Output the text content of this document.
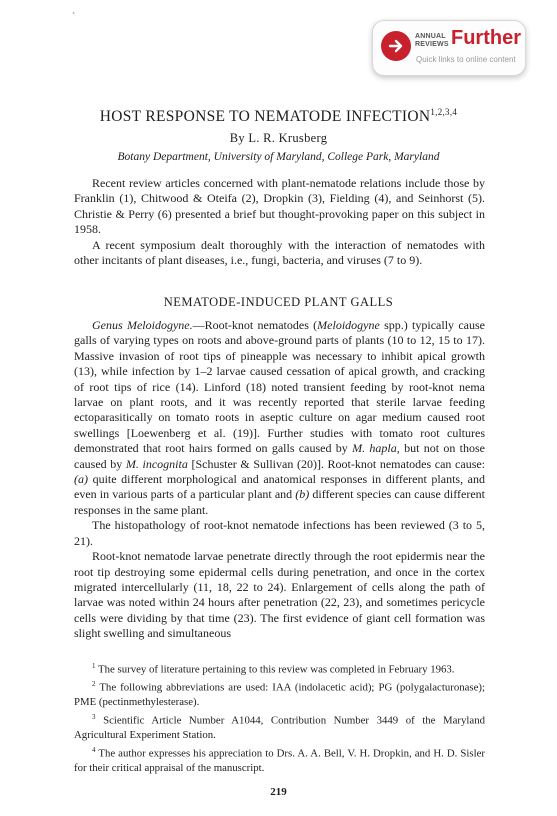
`
ANNUAL
REVIEWS Further
Quick links to online content
HOST RESPONSE TO NEMATODE INFECTION$^{1,2,3,4}$
By L. R. Krusberg
Botany Department, University of Maryland, College Park, Maryland

Recent review articles concerned with plant-nematode relations include those by Franklin (1), Chitwood & Oteifa (2), Dropkin (3), Fielding (4), and Seinhorst (5). Christie & Perry (6) presented a brief but thought-provoking paper on this subject in 1958.

A recent symposium dealt thoroughly with the interaction of nematodes with other incitants of plant diseases, i.e., fungi, bacteria, and viruses (7 to 9).

NEMATODE-INDUCED PLANT GALLS

Genus Meloidogyne.—Root-knot nematodes (Meloidogyne spp.) typically cause galls of varying types on roots and above-ground parts of plants (10 to 12, 15 to 17). Massive invasion of root tips of pineapple was necessary to inhibit apical growth (13), while infection by 1–2 larvae caused cessation of apical growth, and cracking of root tips of rice (14). Linford (18) noted transient feeding by root-knot nema larvae on plant roots, and it was recently reported that sterile larvae feeding ectoparasitically on tomato roots in aseptic culture on agar medium caused root swellings [Loewenberg et al. (19)]. Further studies with tomato root cultures demonstrated that root hairs formed on galls caused by M. hapla, but not on those caused by M. incognita [Schuster & Sullivan (20)]. Root-knot nematodes can cause: (a) quite different morphological and anatomical responses in different plants, and even in various parts of a particular plant and (b) different species can cause different responses in the same plant.

The histopathology of root-knot nematode infections has been reviewed (3 to 5, 21).

Root-knot nematode larvae penetrate directly through the root epidermis near the root tip destroying some epidermal cells during penetration, and once in the cortex migrated intercellularly (11, 18, 22 to 24). Enlargement of cells along the path of larvae was noted within 24 hours after penetration (22, 23), and sometimes pericycle cells were dividing by that time (23). The first evidence of giant cell formation was slight swelling and simultaneous

$^1$ The survey of literature pertaining to this review was completed in February 1963.

$^2$ The following abbreviations are used: IAA (indolacetic acid); PG (polygalacturonase); PME (pectinmethylesterase).

$^3$ Scientific Article Number A1044, Contribution Number 3449 of the Maryland Agricultural Experiment Station.

$^4$ The author expresses his appreciation to Drs. A. A. Bell, V. H. Dropkin, and H. D. Sisler for their critical appraisal of the manuscript.

219
